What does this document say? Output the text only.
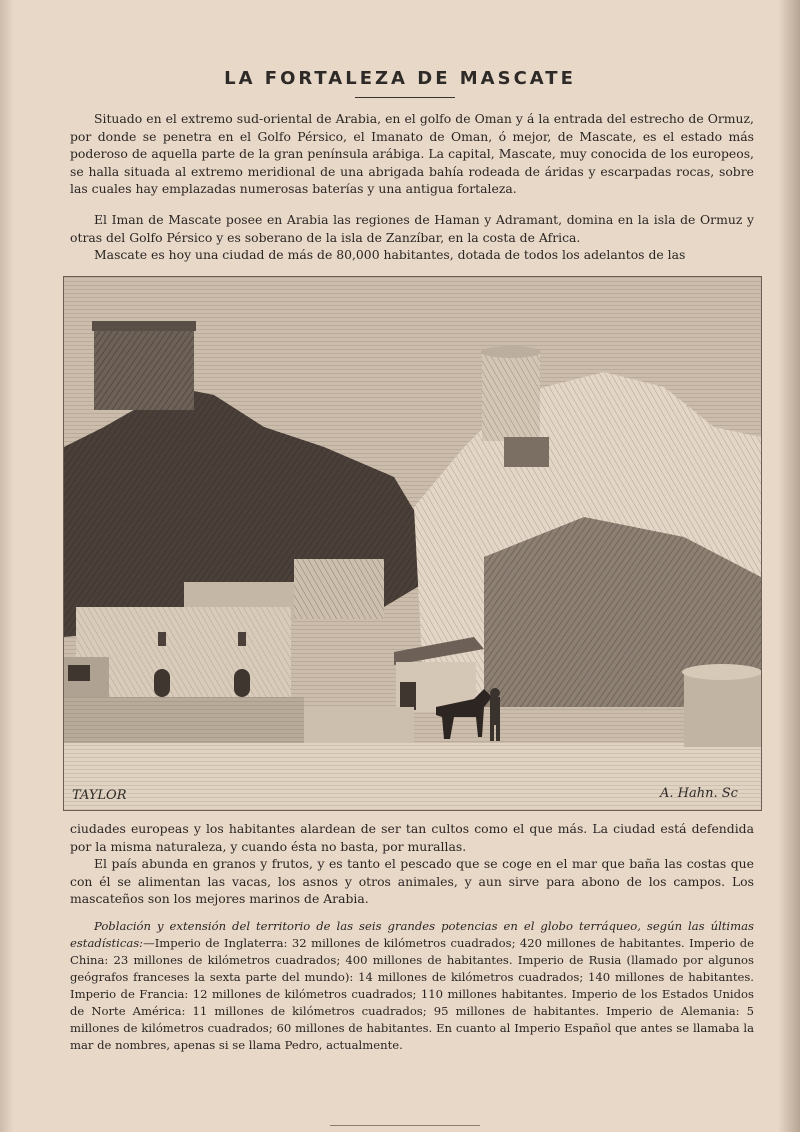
LA FORTALEZA DE MASCATE

Situado en el extremo sud-oriental de Arabia, en el golfo de Oman y á la entrada del estrecho de Ormuz, por donde se penetra en el Golfo Pérsico, el Imanato de Oman, ó mejor, de Mascate, es el estado más poderoso de aquella parte de la gran península arábiga. La capital, Mascate, muy conocida de los europeos, se halla situada al extremo meridional de una abrigada bahía rodeada de áridas y escarpadas rocas, sobre las cuales hay emplazadas numerosas baterías y una antigua fortaleza.

El Iman de Mascate posee en Arabia las regiones de Haman y Adramant, domina en la isla de Ormuz y otras del Golfo Pérsico y es soberano de la isla de Zanzíbar, en la costa de Africa.

Mascate es hoy una ciudad de más de 80,000 habitantes, dotada de todos los adelantos de las

TAYLOR	A. Hahn. Sc

ciudades europeas y los habitantes alardean de ser tan cultos como el que más. La ciudad está defendida por la misma naturaleza, y cuando ésta no basta, por murallas.

El país abunda en granos y frutos, y es tanto el pescado que se coge en el mar que baña las costas que con él se alimentan las vacas, los asnos y otros animales, y aun sirve para abono de los campos. Los mascateños son los mejores marinos de Arabia.

Población y extensión del territorio de las seis grandes potencias en el globo terráqueo, según las últimas estadísticas:—Imperio de Inglaterra: 32 millones de kilómetros cuadrados; 420 millones de habitantes. Imperio de China: 23 millones de kilómetros cuadrados; 400 millones de habitantes. Imperio de Rusia (llamado por algunos geógrafos franceses la sexta parte del mundo): 14 millones de kilómetros cuadrados; 140 millones de habitantes. Imperio de Francia: 12 millones de kilómetros cuadrados; 110 millones habitantes. Imperio de los Estados Unidos de Norte América: 11 millones de kilómetros cuadrados; 95 millones de habitantes. Imperio de Alemania: 5 millones de kilómetros cuadrados; 60 millones de habitantes. En cuanto al Imperio Español que antes se llamaba la mar de nombres, apenas si se llama Pedro, actualmente.
